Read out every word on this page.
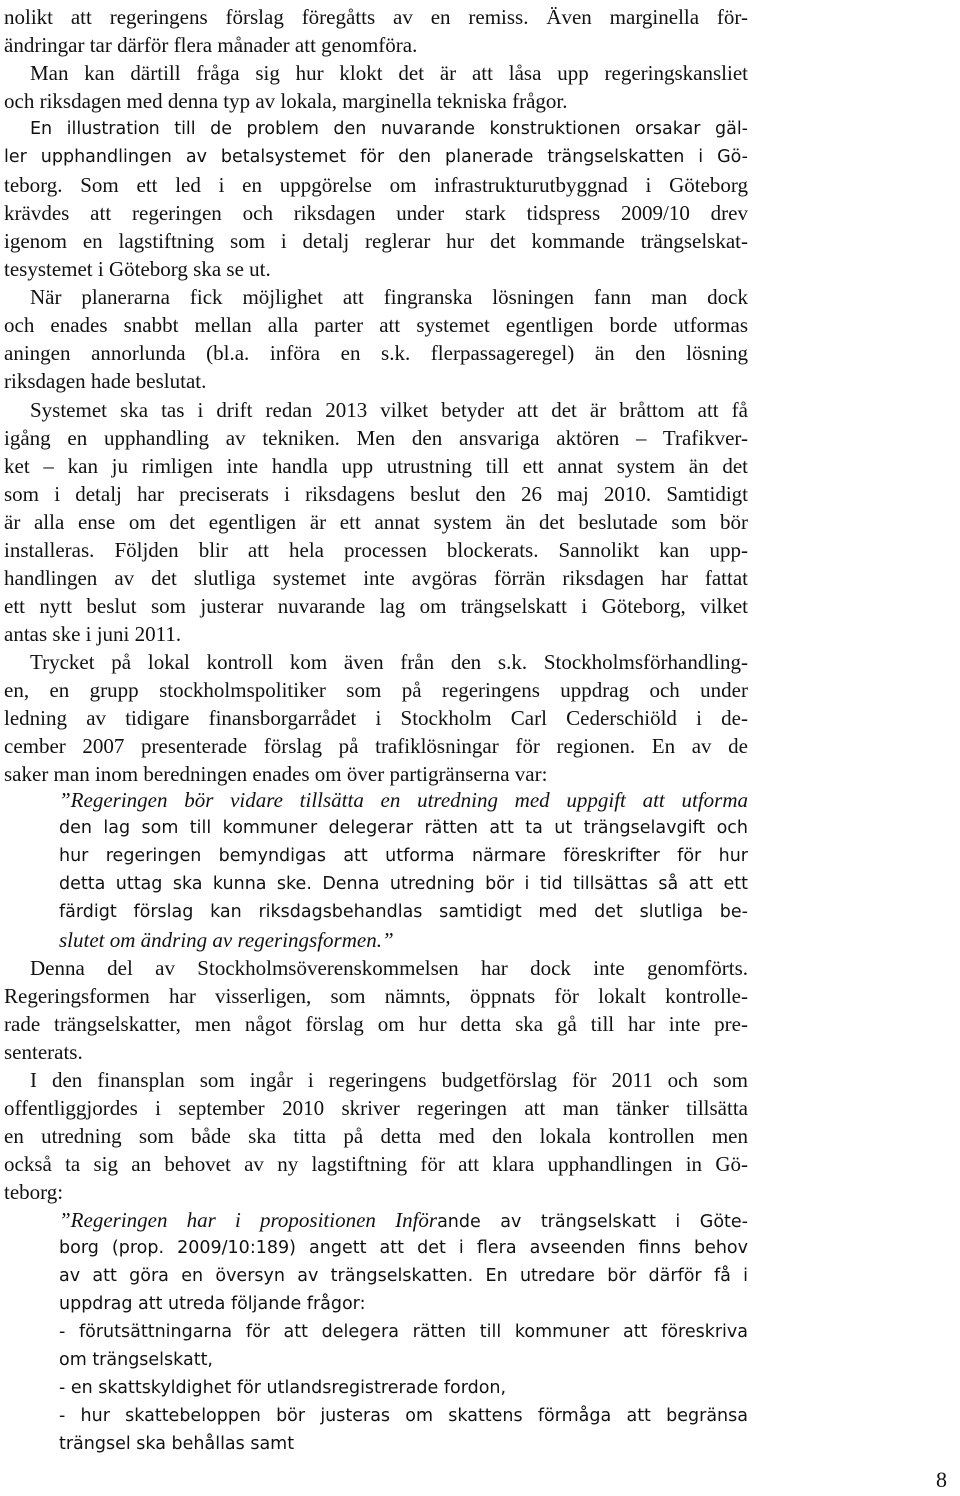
nolikt att regeringens förslag föregåtts av en remiss. Även marginella för-
ändringar tar därför flera månader att genomföra.
Man kan därtill fråga sig hur klokt det är att låsa upp regeringskansliet
och riksdagen med denna typ av lokala, marginella tekniska frågor.
En illustration till de problem den nuvarande konstruktionen orsakar gäl-
ler upphandlingen av betalsystemet för den planerade trängselskatten i Gö-
teborg. Som ett led i en uppgörelse om infrastrukturutbyggnad i Göteborg
krävdes att regeringen och riksdagen under stark tidspress 2009/10 drev
igenom en lagstiftning som i detalj reglerar hur det kommande trängselskat-
tesystemet i Göteborg ska se ut.
När planerarna fick möjlighet att fingranska lösningen fann man dock
och enades snabbt mellan alla parter att systemet egentligen borde utformas
aningen annorlunda (bl.a. införa en s.k. flerpassageregel) än den lösning
riksdagen hade beslutat.
Systemet ska tas i drift redan 2013 vilket betyder att det är bråttom att få
igång en upphandling av tekniken. Men den ansvariga aktören – Trafikver-
ket – kan ju rimligen inte handla upp utrustning till ett annat system än det
som i detalj har preciserats i riksdagens beslut den 26 maj 2010. Samtidigt
är alla ense om det egentligen är ett annat system än det beslutade som bör
installeras. Följden blir att hela processen blockerats. Sannolikt kan upp-
handlingen av det slutliga systemet inte avgöras förrän riksdagen har fattat
ett nytt beslut som justerar nuvarande lag om trängselskatt i Göteborg, vilket
antas ske i juni 2011.
Trycket på lokal kontroll kom även från den s.k. Stockholmsförhandling-
en, en grupp stockholmspolitiker som på regeringens uppdrag och under
ledning av tidigare finansborgarrådet i Stockholm Carl Cederschiöld i de-
cember 2007 presenterade förslag på trafiklösningar för regionen. En av de
saker man inom beredningen enades om över partigränserna var:
”Regeringen bör vidare tillsätta en utredning med uppgift att utforma
den lag som till kommuner delegerar rätten att ta ut trängselavgift och
hur regeringen bemyndigas att utforma närmare föreskrifter för hur
detta uttag ska kunna ske. Denna utredning bör i tid tillsättas så att ett
färdigt förslag kan riksdagsbehandlas samtidigt med det slutliga be-
slutet om ändring av regeringsformen.”
Denna del av Stockholmsöverenskommelsen har dock inte genomförts.
Regeringsformen har visserligen, som nämnts, öppnats för lokalt kontrolle-
rade trängselskatter, men något förslag om hur detta ska gå till har inte pre-
senterats.
I den finansplan som ingår i regeringens budgetförslag för 2011 och som
offentliggjordes i september 2010 skriver regeringen att man tänker tillsätta
en utredning som både ska titta på detta med den lokala kontrollen men
också ta sig an behovet av ny lagstiftning för att klara upphandlingen in Gö-
teborg:
”Regeringen har i propositionen Införande av trängselskatt i Göte-
borg (prop. 2009/10:189) angett att det i flera avseenden finns behov
av att göra en översyn av trängselskatten. En utredare bör därför få i
uppdrag att utreda följande frågor:
- förutsättningarna för att delegera rätten till kommuner att föreskriva
om trängselskatt,
- en skattskyldighet för utlandsregistrerade fordon,
- hur skattebeloppen bör justeras om skattens förmåga att begränsa
trängsel ska behållas samt
8
